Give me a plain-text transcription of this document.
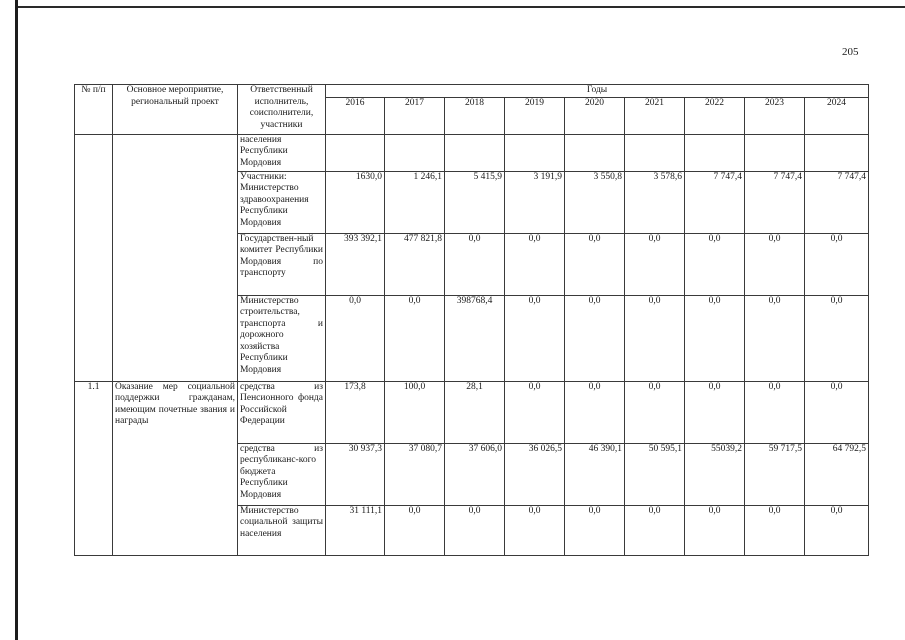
205
№ п/п	Основное мероприятие, региональный проект	Ответственный исполнитель, соисполнители, участники	Годы								
			2016	2017	2018	2019	2020	2021	2022	2023	2024
		населения Республики Мордовия									
		Участники: Министерство здравоохранения Республики Мордовия	1630,0	1 246,1	5 415,9	3 191,9	3 550,8	3 578,6	7 747,4	7 747,4	7 747,4
		Государствен-ный комитет Республики Мордовия по транспорту	393 392,1	477 821,8	0,0	0,0	0,0	0,0	0,0	0,0	0,0
		Министерство строительства, транспорта и дорожного хозяйства Республики Мордовия	0,0	0,0	398768,4	0,0	0,0	0,0	0,0	0,0	0,0
1.1	Оказание мер социальной поддержки гражданам, имеющим почетные звания и награды	средства из Пенсионного фонда Российской Федерации	173,8	100,0	28,1	0,0	0,0	0,0	0,0	0,0	0,0
		средства из республиканс-кого бюджета Республики Мордовия	30 937,3	37 080,7	37 606,0	36 026,5	46 390,1	50 595,1	55039,2	59 717,5	64 792,5
		Министерство социальной защиты населения	31 111,1	0,0	0,0	0,0	0,0	0,0	0,0	0,0	0,0
